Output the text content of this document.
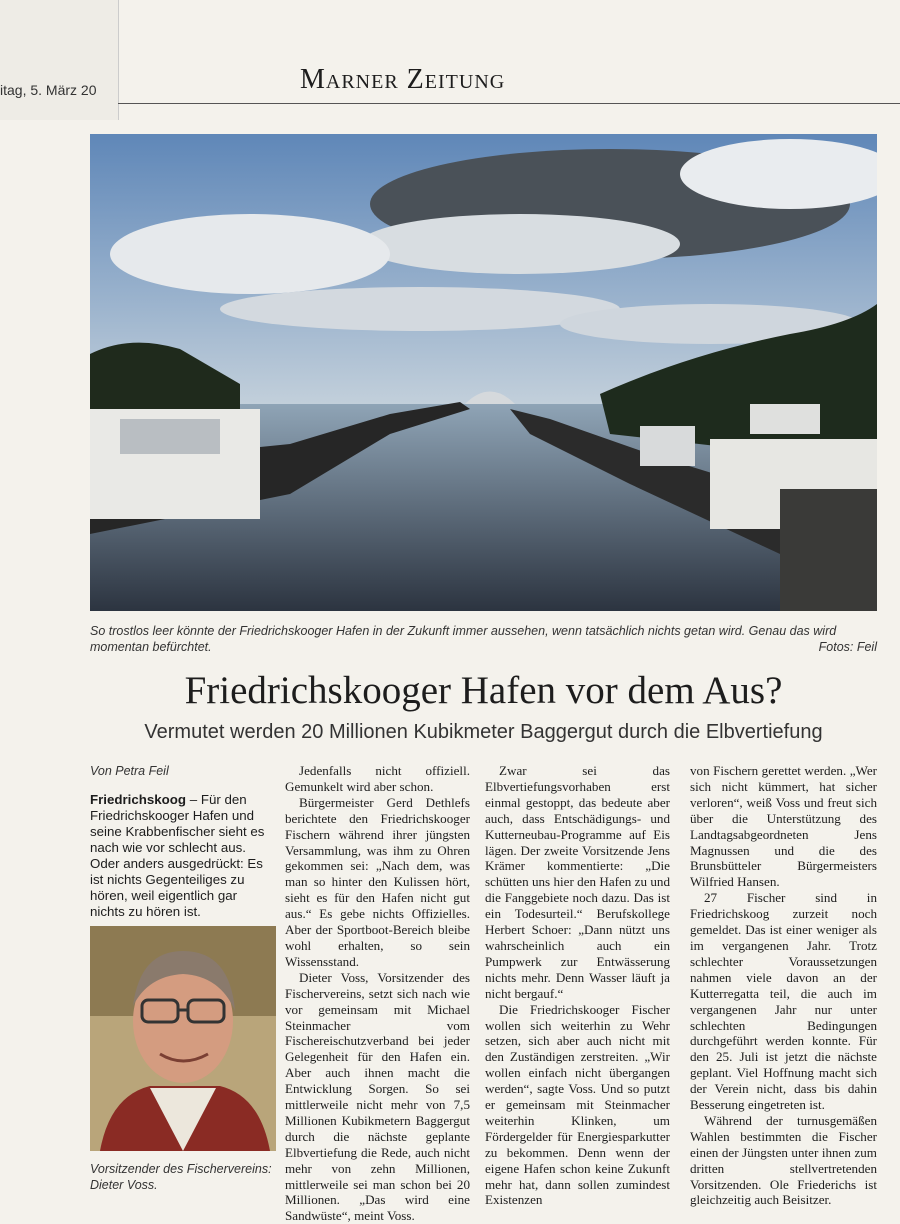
itag, 5. März 20	Marner Zeitung
So trostlos leer könnte der Friedrichskooger Hafen in der Zukunft immer aussehen, wenn tatsächlich nichts getan wird. Genau das wird momentan befürchtet.	Fotos: Feil
Friedrichskooger Hafen vor dem Aus?
Vermutet werden 20 Millionen Kubikmeter Baggergut durch die Elbvertiefung
Von Petra Feil
Friedrichskoog – Für den Friedrichskooger Hafen und seine Krabbenfischer sieht es nach wie vor schlecht aus. Oder anders ausgedrückt: Es ist nichts Gegenteiliges zu hören, weil eigentlich gar nichts zu hören ist.
Vorsitzender des Fischervereins: Dieter Voss.

Jedenfalls nicht offiziell. Gemunkelt wird aber schon.

Bürgermeister Gerd Dethlefs berichtete den Friedrichskooger Fischern während ihrer jüngsten Versammlung, was ihm zu Ohren gekommen sei: „Nach dem, was man so hinter den Kulissen hört, sieht es für den Hafen nicht gut aus.“ Es gebe nichts Offizielles. Aber der Sportboot-Bereich bleibe wohl erhalten, so sein Wissensstand.

Dieter Voss, Vorsitzender des Fischervereins, setzt sich nach wie vor gemeinsam mit Michael Steinmacher vom Fischereischutzverband bei jeder Gelegenheit für den Hafen ein. Aber auch ihnen macht die Entwicklung Sorgen. So sei mittlerweile nicht mehr von 7,5 Millionen Kubikmetern Baggergut durch die nächste geplante Elbvertiefung die Rede, auch nicht mehr von zehn Millionen, mittlerweile sei man schon bei 20 Millionen. „Das wird eine Sandwüste“, meint Voss.

Zwar sei das Elbvertiefungsvorhaben erst einmal gestoppt, das bedeute aber auch, dass Entschädigungs- und Kutterneubau-Programme auf Eis lägen. Der zweite Vorsitzende Jens Krämer kommentierte: „Die schütten uns hier den Hafen zu und die Fanggebiete noch dazu. Das ist ein Todesurteil.“ Berufskollege Herbert Schoer: „Dann nützt uns wahrscheinlich auch ein Pumpwerk zur Entwässerung nichts mehr. Denn Wasser läuft ja nicht bergauf.“

Die Friedrichskooger Fischer wollen sich weiterhin zu Wehr setzen, sich aber auch nicht mit den Zuständigen zerstreiten. „Wir wollen einfach nicht übergangen werden“, sagte Voss. Und so putzt er gemeinsam mit Steinmacher weiterhin Klinken, um Fördergelder für Energiesparkutter zu bekommen. Denn wenn der eigene Hafen schon keine Zukunft mehr hat, dann sollen zumindest Existenzen

von Fischern gerettet werden. „Wer sich nicht kümmert, hat sicher verloren“, weiß Voss und freut sich über die Unterstützung des Landtagsabgeordneten Jens Magnussen und die des Brunsbütteler Bürgermeisters Wilfried Hansen.

27 Fischer sind in Friedrichskoog zurzeit noch gemeldet. Das ist einer weniger als im vergangenen Jahr. Trotz schlechter Voraussetzungen nahmen viele davon an der Kutterregatta teil, die auch im vergangenen Jahr nur unter schlechten Bedingungen durchgeführt werden konnte. Für den 25. Juli ist jetzt die nächste geplant. Viel Hoffnung macht sich der Verein nicht, dass bis dahin Besserung eingetreten ist.

Während der turnusgemäßen Wahlen bestimmten die Fischer einen der Jüngsten unter ihnen zum dritten stellvertretenden Vorsitzenden. Ole Friederichs ist gleichzeitig auch Beisitzer.
